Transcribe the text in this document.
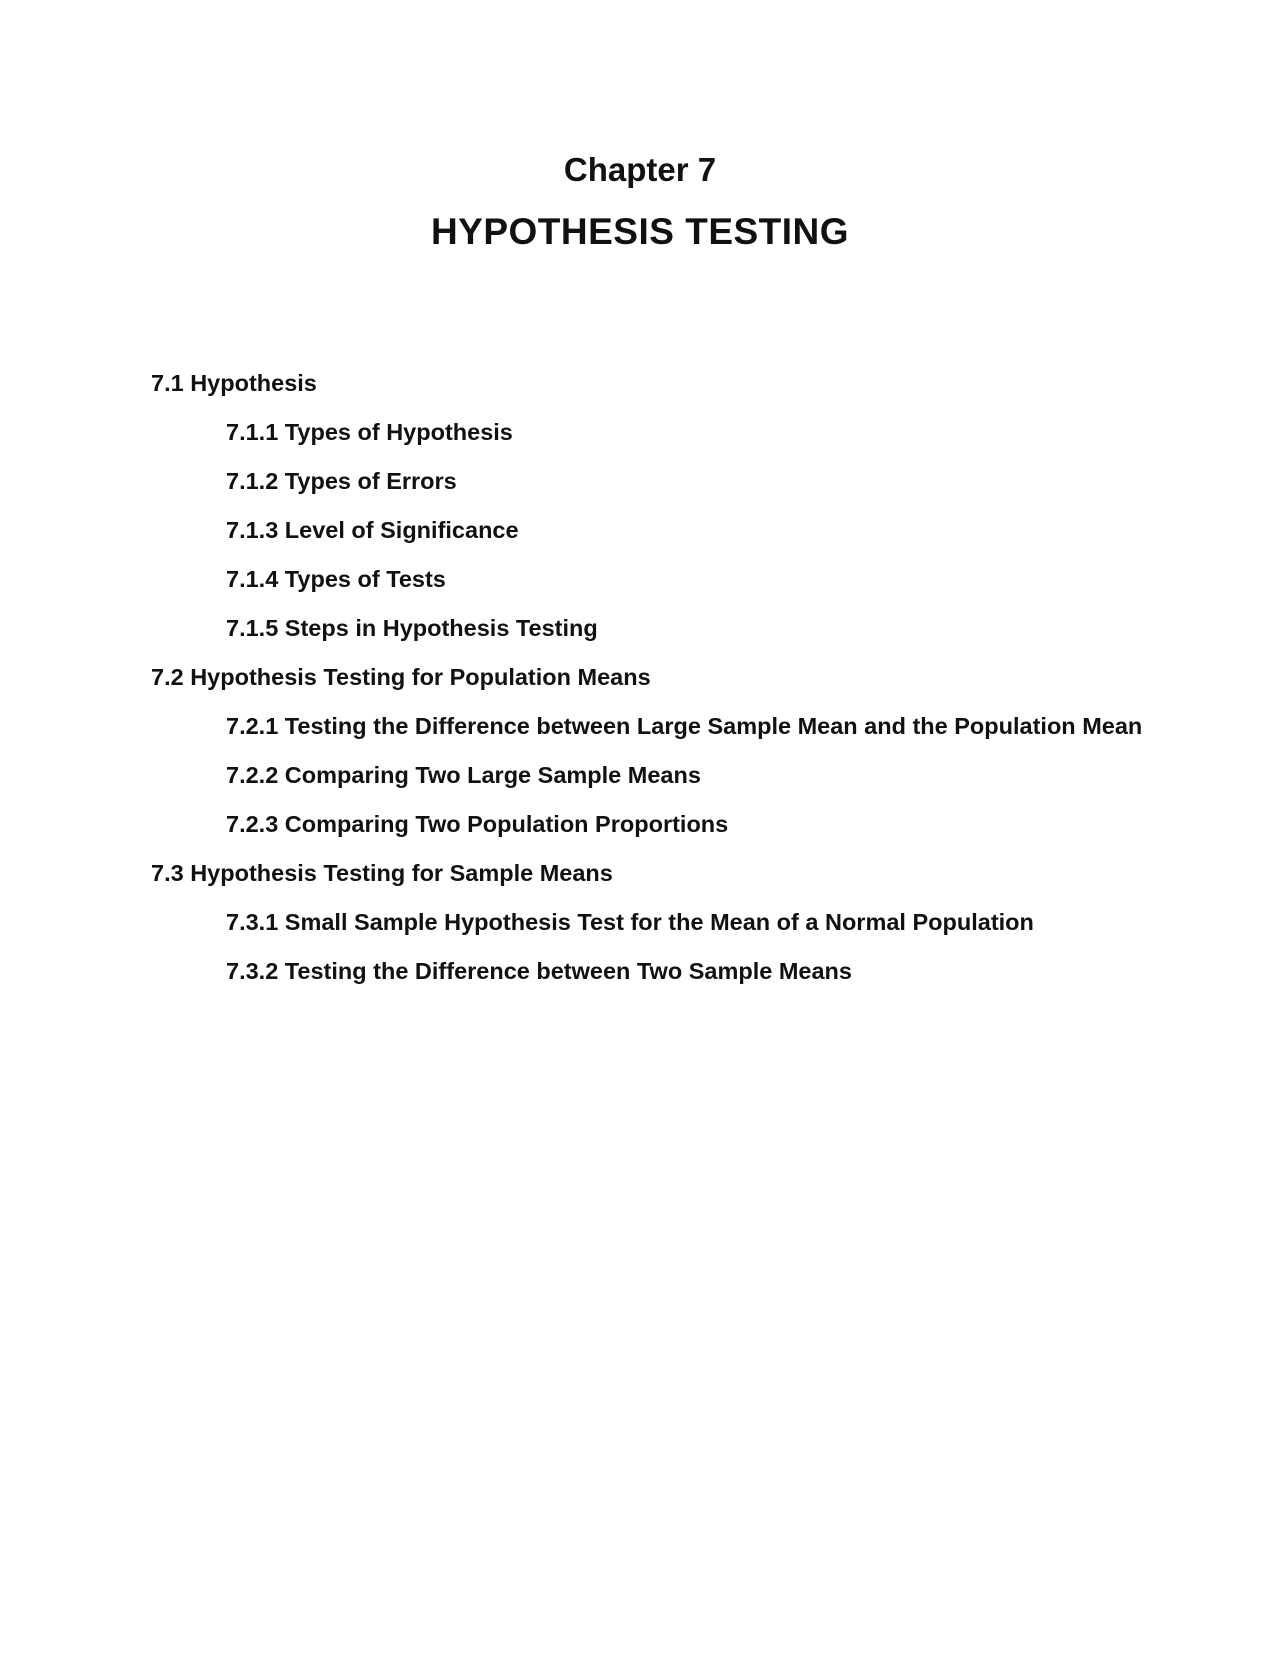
Chapter 7
HYPOTHESIS TESTING
7.1 Hypothesis
7.1.1 Types of Hypothesis
7.1.2 Types of Errors
7.1.3 Level of Significance
7.1.4 Types of Tests
7.1.5 Steps in Hypothesis Testing
7.2 Hypothesis Testing for Population Means
7.2.1 Testing the Difference between Large Sample Mean and the Population Mean
7.2.2 Comparing Two Large Sample Means
7.2.3 Comparing Two Population Proportions
7.3 Hypothesis Testing for Sample Means
7.3.1 Small Sample Hypothesis Test for the Mean of a Normal Population
7.3.2 Testing the Difference between Two Sample Means
